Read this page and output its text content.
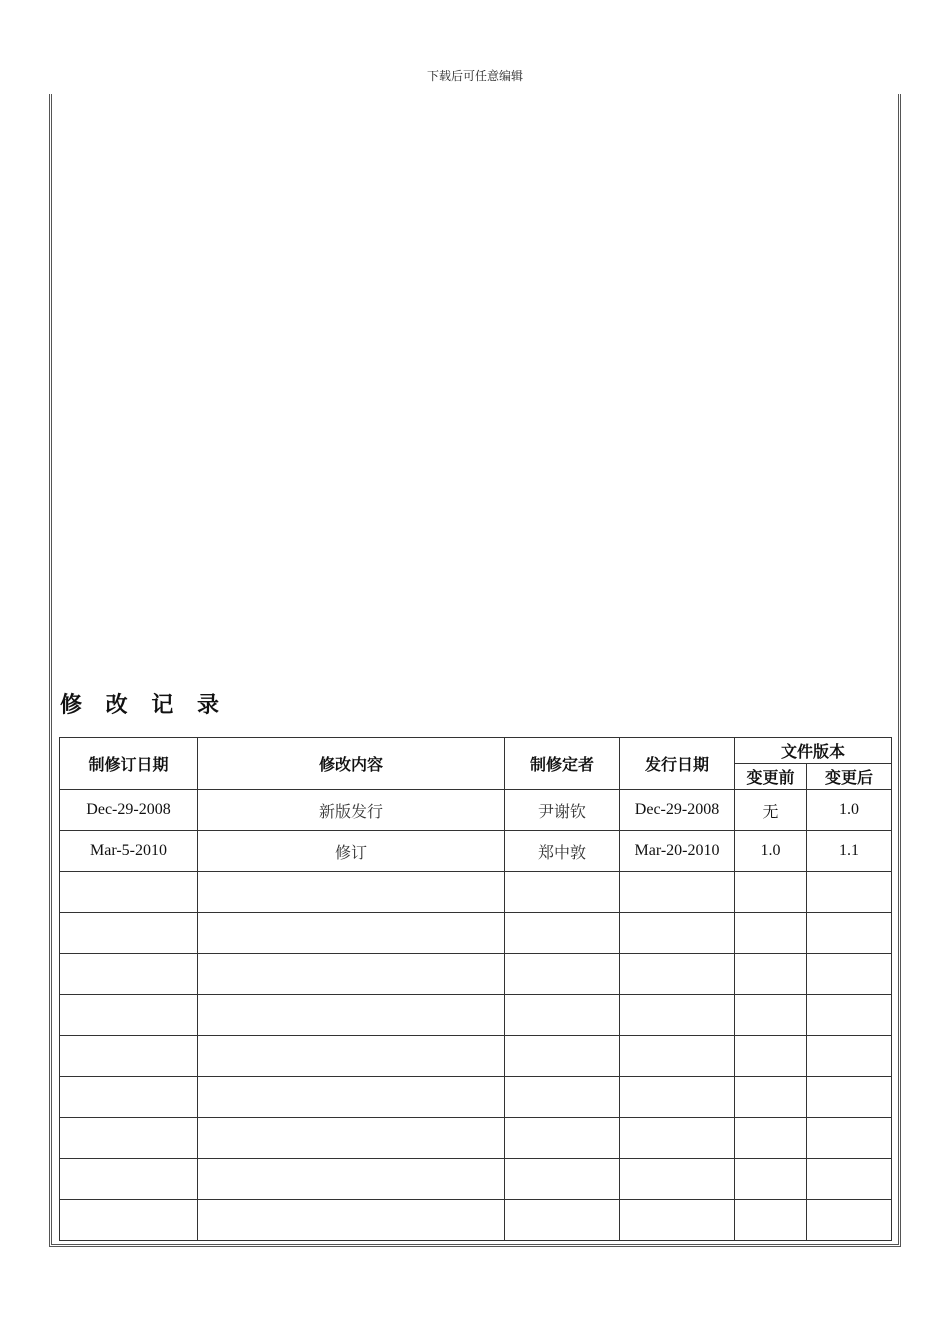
下载后可任意编辑
修 改 记 录
制修订日期	修改内容	制修定者	发行日期	文件版本	
				变更前	变更后
Dec-29-2008	新版发行	尹谢钦	Dec-29-2008	无	1.0
Mar-5-2010	修订	郑中敦	Mar-20-2010	1.0	1.1
